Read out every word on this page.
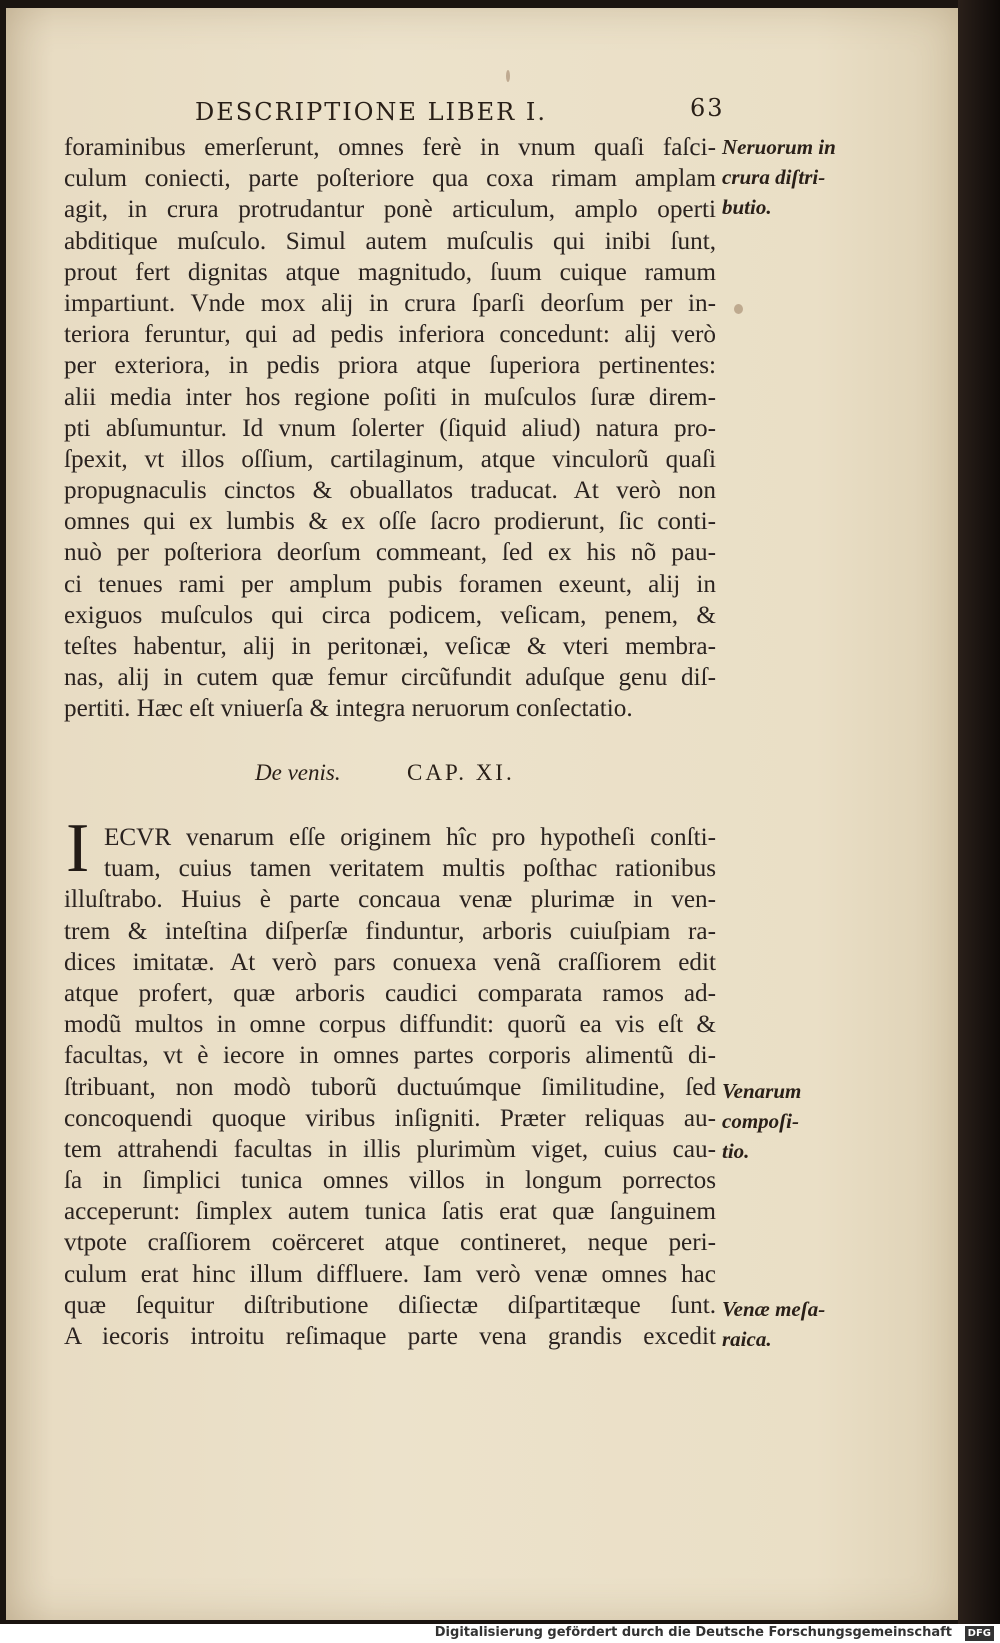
DESCRIPTIONE LIBER I.	63
foraminibus emerſerunt, omnes ferè in vnum quaſi faſci-
culum coniecti, parte poſteriore qua coxa rimam amplam
agit, in crura protrudantur ponè articulum, amplo operti
abditique muſculo. Simul autem muſculis qui inibi ſunt,
prout fert dignitas atque magnitudo, ſuum cuique ramum
impartiunt. Vnde mox alij in crura ſparſi deorſum per in-
teriora feruntur, qui ad pedis inferiora concedunt: alij verò
per exteriora, in pedis priora atque ſuperiora pertinentes:
alii media inter hos regione poſiti in muſculos ſuræ direm-
pti abſumuntur. Id vnum ſolerter (ſiquid aliud) natura pro-
ſpexit, vt illos oſſium, cartilaginum, atque vinculorũ quaſi
propugnaculis cinctos & obuallatos traducat. At verò non
omnes qui ex lumbis & ex oſſe ſacro prodierunt, ſic conti-
nuò per poſteriora deorſum commeant, ſed ex his nõ pau-
ci tenues rami per amplum pubis foramen exeunt, alij in
exiguos muſculos qui circa podicem, veſicam, penem, &
teſtes habentur, alij in peritonæi, veſicæ & vteri membra-
nas, alij in cutem quæ femur circũfundit aduſque genu diſ-
pertiti. Hæc eſt vniuerſa & integra neruorum conſectatio.
De venis.	CAP. XI.
I ECVR venarum eſſe originem hîc pro hypotheſi conſti-
tuam, cuius tamen veritatem multis poſthac rationibus
illuſtrabo. Huius è parte concaua venæ plurimæ in ven-
trem & inteſtina diſperſæ finduntur, arboris cuiuſpiam ra-
dices imitatæ. At verò pars conuexa venã craſſiorem edit
atque profert, quæ arboris caudici comparata ramos ad-
modũ multos in omne corpus diffundit: quorũ ea vis eſt &
facultas, vt è iecore in omnes partes corporis alimentũ di-
ſtribuant, non modò tuborũ ductuúmque ſimilitudine, ſed
concoquendi quoque viribus inſigniti. Præter reliquas au-
tem attrahendi facultas in illis plurimùm viget, cuius cau-
ſa in ſimplici tunica omnes villos in longum porrectos
acceperunt: ſimplex autem tunica ſatis erat quæ ſanguinem
vtpote craſſiorem coërceret atque contineret, neque peri-
culum erat hinc illum diffluere. Iam verò venæ omnes hac
quæ ſequitur diſtributione diſiectæ diſpartitæque ſunt.
A iecoris introitu reſimaque parte vena grandis excedit
Neruorum in
crura diſtri-
butio.
Venarum
compoſi-
tio.
Venæ meſa-
raica.
Digitalisierung gefördert durch die Deutsche Forschungsgemeinschaft	DFG
